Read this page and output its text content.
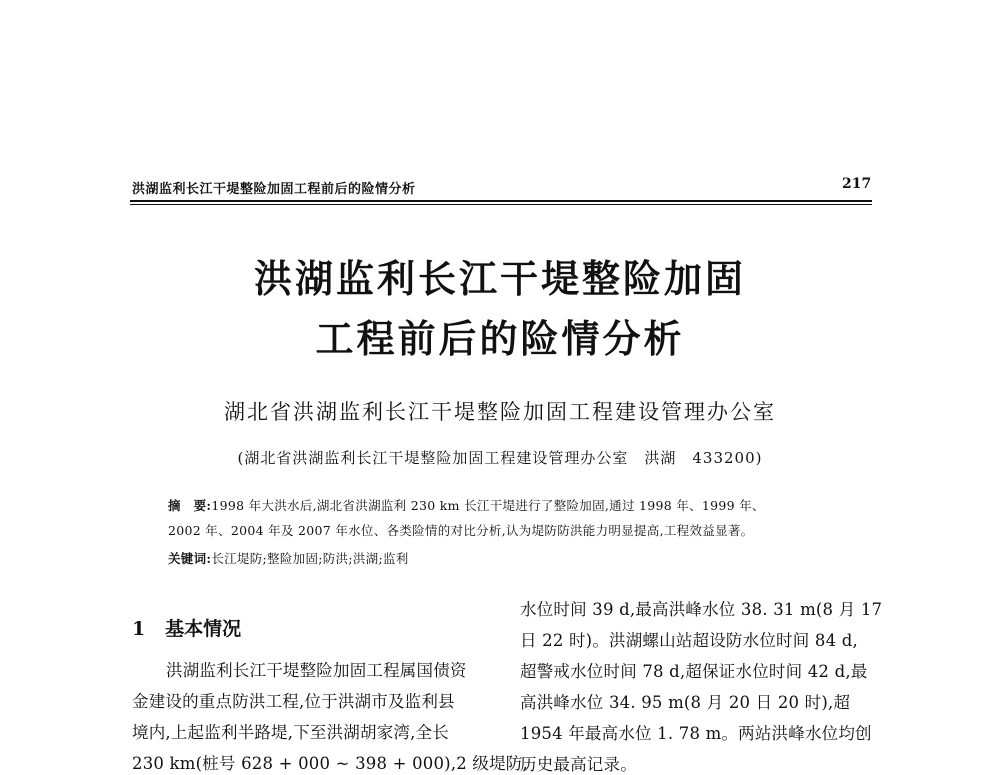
洪湖监利长江干堤整险加固工程前后的险情分析	217
洪湖监利长江干堤整险加固
工程前后的险情分析
湖北省洪湖监利长江干堤整险加固工程建设管理办公室
(湖北省洪湖监利长江干堤整险加固工程建设管理办公室　洪湖　433200)
摘　要:1998 年大洪水后,湖北省洪湖监利 230 km 长江干堤进行了整险加固,通过 1998 年、1999 年、
2002 年、2004 年及 2007 年水位、各类险情的对比分析,认为堤防防洪能力明显提高,工程效益显著。
关键词:长江堤防;整险加固;防洪;洪湖;监利
1 基本情况
洪湖监利长江干堤整险加固工程属国债资
金建设的重点防洪工程,位于洪湖市及监利县
境内,上起监利半路堤,下至洪湖胡家湾,全长
230 km(桩号 628 + 000 ~ 398 + 000),2 级堤防,
水位时间 39 d,最高洪峰水位 38. 31 m(8 月 17
日 22 时)。洪湖螺山站超设防水位时间 84 d,
超警戒水位时间 78 d,超保证水位时间 42 d,最
高洪峰水位 34. 95 m(8 月 20 日 20 时),超
1954 年最高水位 1. 78 m。两站洪峰水位均创
历史最高记录。
